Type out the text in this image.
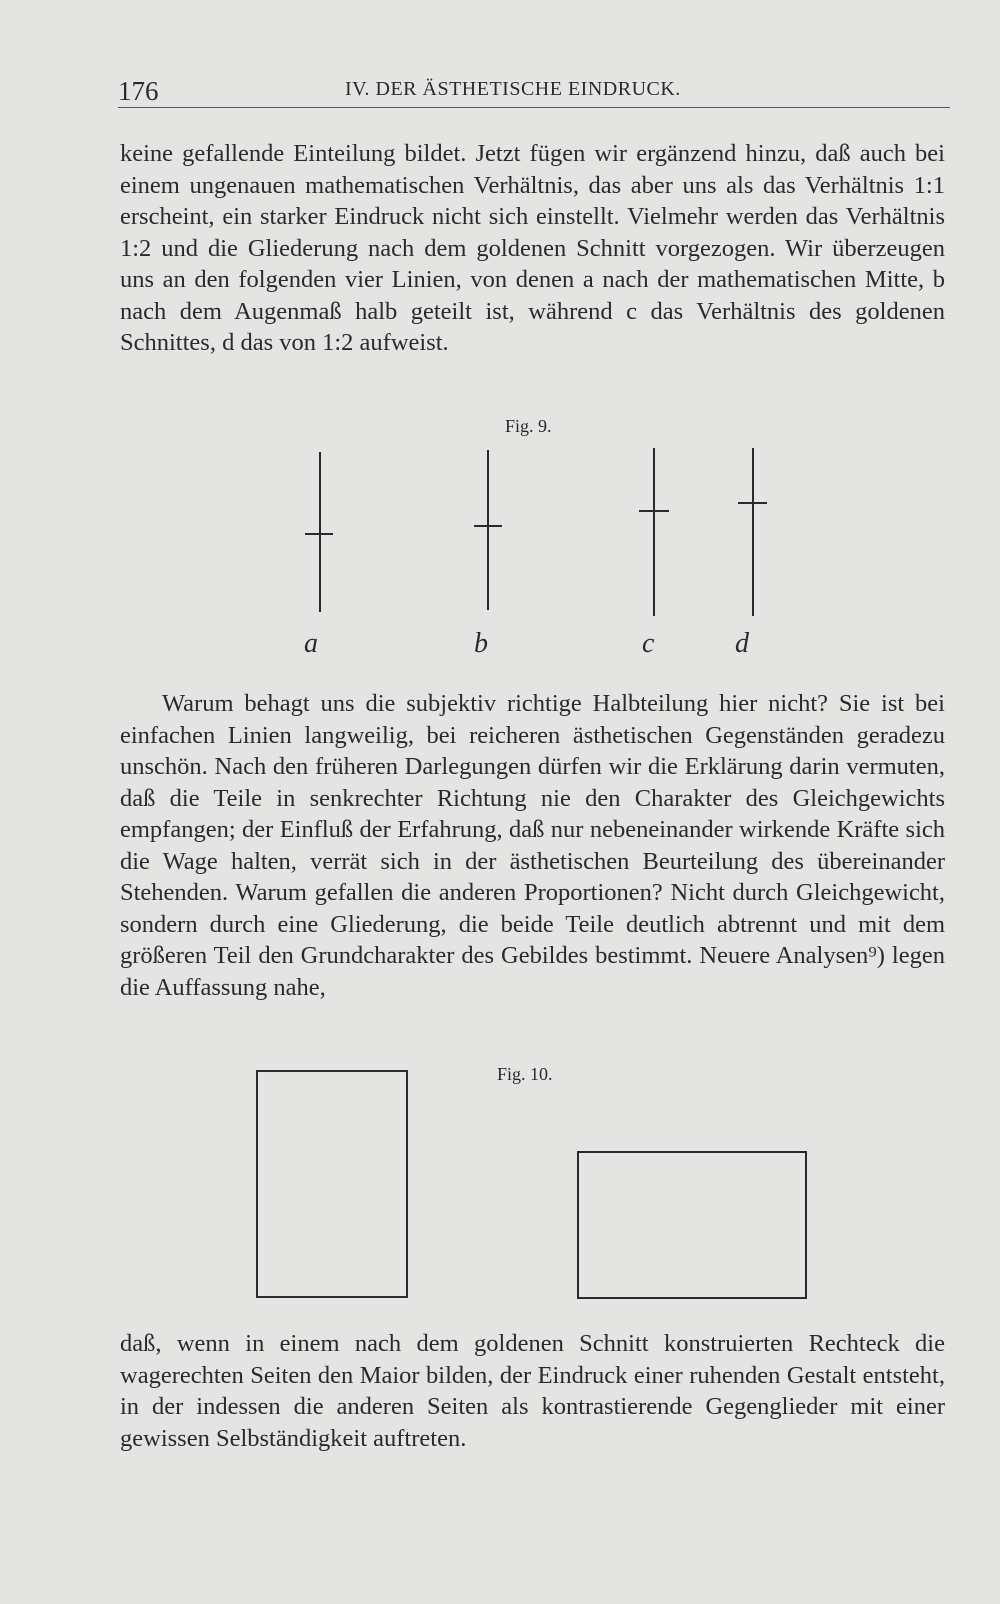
176	IV. DER ÄSTHETISCHE EINDRUCK.

keine gefallende Einteilung bildet. Jetzt fügen wir ergänzend hinzu, daß auch bei einem ungenauen mathematischen Verhältnis, das aber uns als das Verhältnis 1:1 erscheint, ein starker Eindruck nicht sich einstellt. Vielmehr werden das Verhältnis 1:2 und die Gliederung nach dem goldenen Schnitt vorgezogen. Wir überzeugen uns an den folgenden vier Linien, von denen a nach der mathematischen Mitte, b nach dem Augenmaß halb geteilt ist, während c das Verhältnis des goldenen Schnittes, d das von 1:2 aufweist.

Fig. 9.
a	b	c	d

Warum behagt uns die subjektiv richtige Halbteilung hier nicht? Sie ist bei einfachen Linien langweilig, bei reicheren ästhetischen Gegenständen geradezu unschön. Nach den früheren Darlegungen dürfen wir die Erklärung darin vermuten, daß die Teile in senkrechter Richtung nie den Charakter des Gleichgewichts empfangen; der Einfluß der Erfahrung, daß nur nebeneinander wirkende Kräfte sich die Wage halten, verrät sich in der ästhetischen Beurteilung des übereinander Stehenden. Warum gefallen die anderen Proportionen? Nicht durch Gleichgewicht, sondern durch eine Gliederung, die beide Teile deutlich abtrennt und mit dem größeren Teil den Grundcharakter des Gebildes bestimmt. Neuere Analysen⁹) legen die Auffassung nahe,

Fig. 10.

daß, wenn in einem nach dem goldenen Schnitt konstruierten Rechteck die wagerechten Seiten den Maior bilden, der Eindruck einer ruhenden Gestalt entsteht, in der indessen die anderen Seiten als kontrastierende Gegenglieder mit einer gewissen Selbständigkeit auftreten.
